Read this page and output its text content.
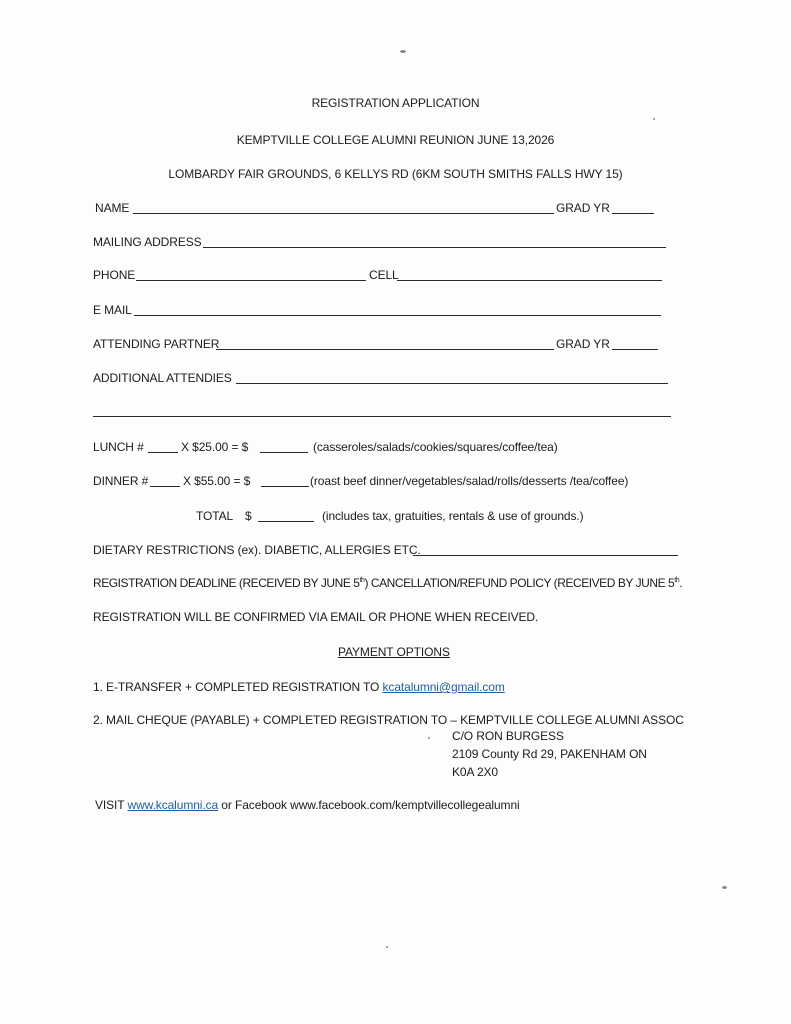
REGISTRATION APPLICATION
KEMPTVILLE COLLEGE ALUMNI REUNION JUNE 13,2026
LOMBARDY FAIR GROUNDS, 6 KELLYS RD (6KM SOUTH SMITHS FALLS HWY 15)
NAME	GRAD YR
MAILING ADDRESS
PHONE	CELL
E MAIL
ATTENDING PARTNER	GRAD YR
ADDITIONAL ATTENDIES
LUNCH #	X $25.00 = $	(casseroles/salads/cookies/squares/coffee/tea)
DINNER #	X $55.00 = $	(roast beef dinner/vegetables/salad/rolls/desserts /tea/coffee)
TOTAL $	(includes tax, gratuities, rentals & use of grounds.)
DIETARY RESTRICTIONS (ex). DIABETIC, ALLERGIES ETC.
REGISTRATION DEADLINE (RECEIVED BY JUNE 5th) CANCELLATION/REFUND POLICY (RECEIVED BY JUNE 5th.
REGISTRATION WILL BE CONFIRMED VIA EMAIL OR PHONE WHEN RECEIVED.
PAYMENT OPTIONS
1. E-TRANSFER + COMPLETED REGISTRATION TO kcatalumni@gmail.com
2. MAIL CHEQUE (PAYABLE) + COMPLETED REGISTRATION TO – KEMPTVILLE COLLEGE ALUMNI ASSOC
C/O RON BURGESS
2109 County Rd 29, PAKENHAM ON
K0A 2X0
VISIT www.kcalumni.ca or Facebook www.facebook.com/kemptvillecollegealumni
